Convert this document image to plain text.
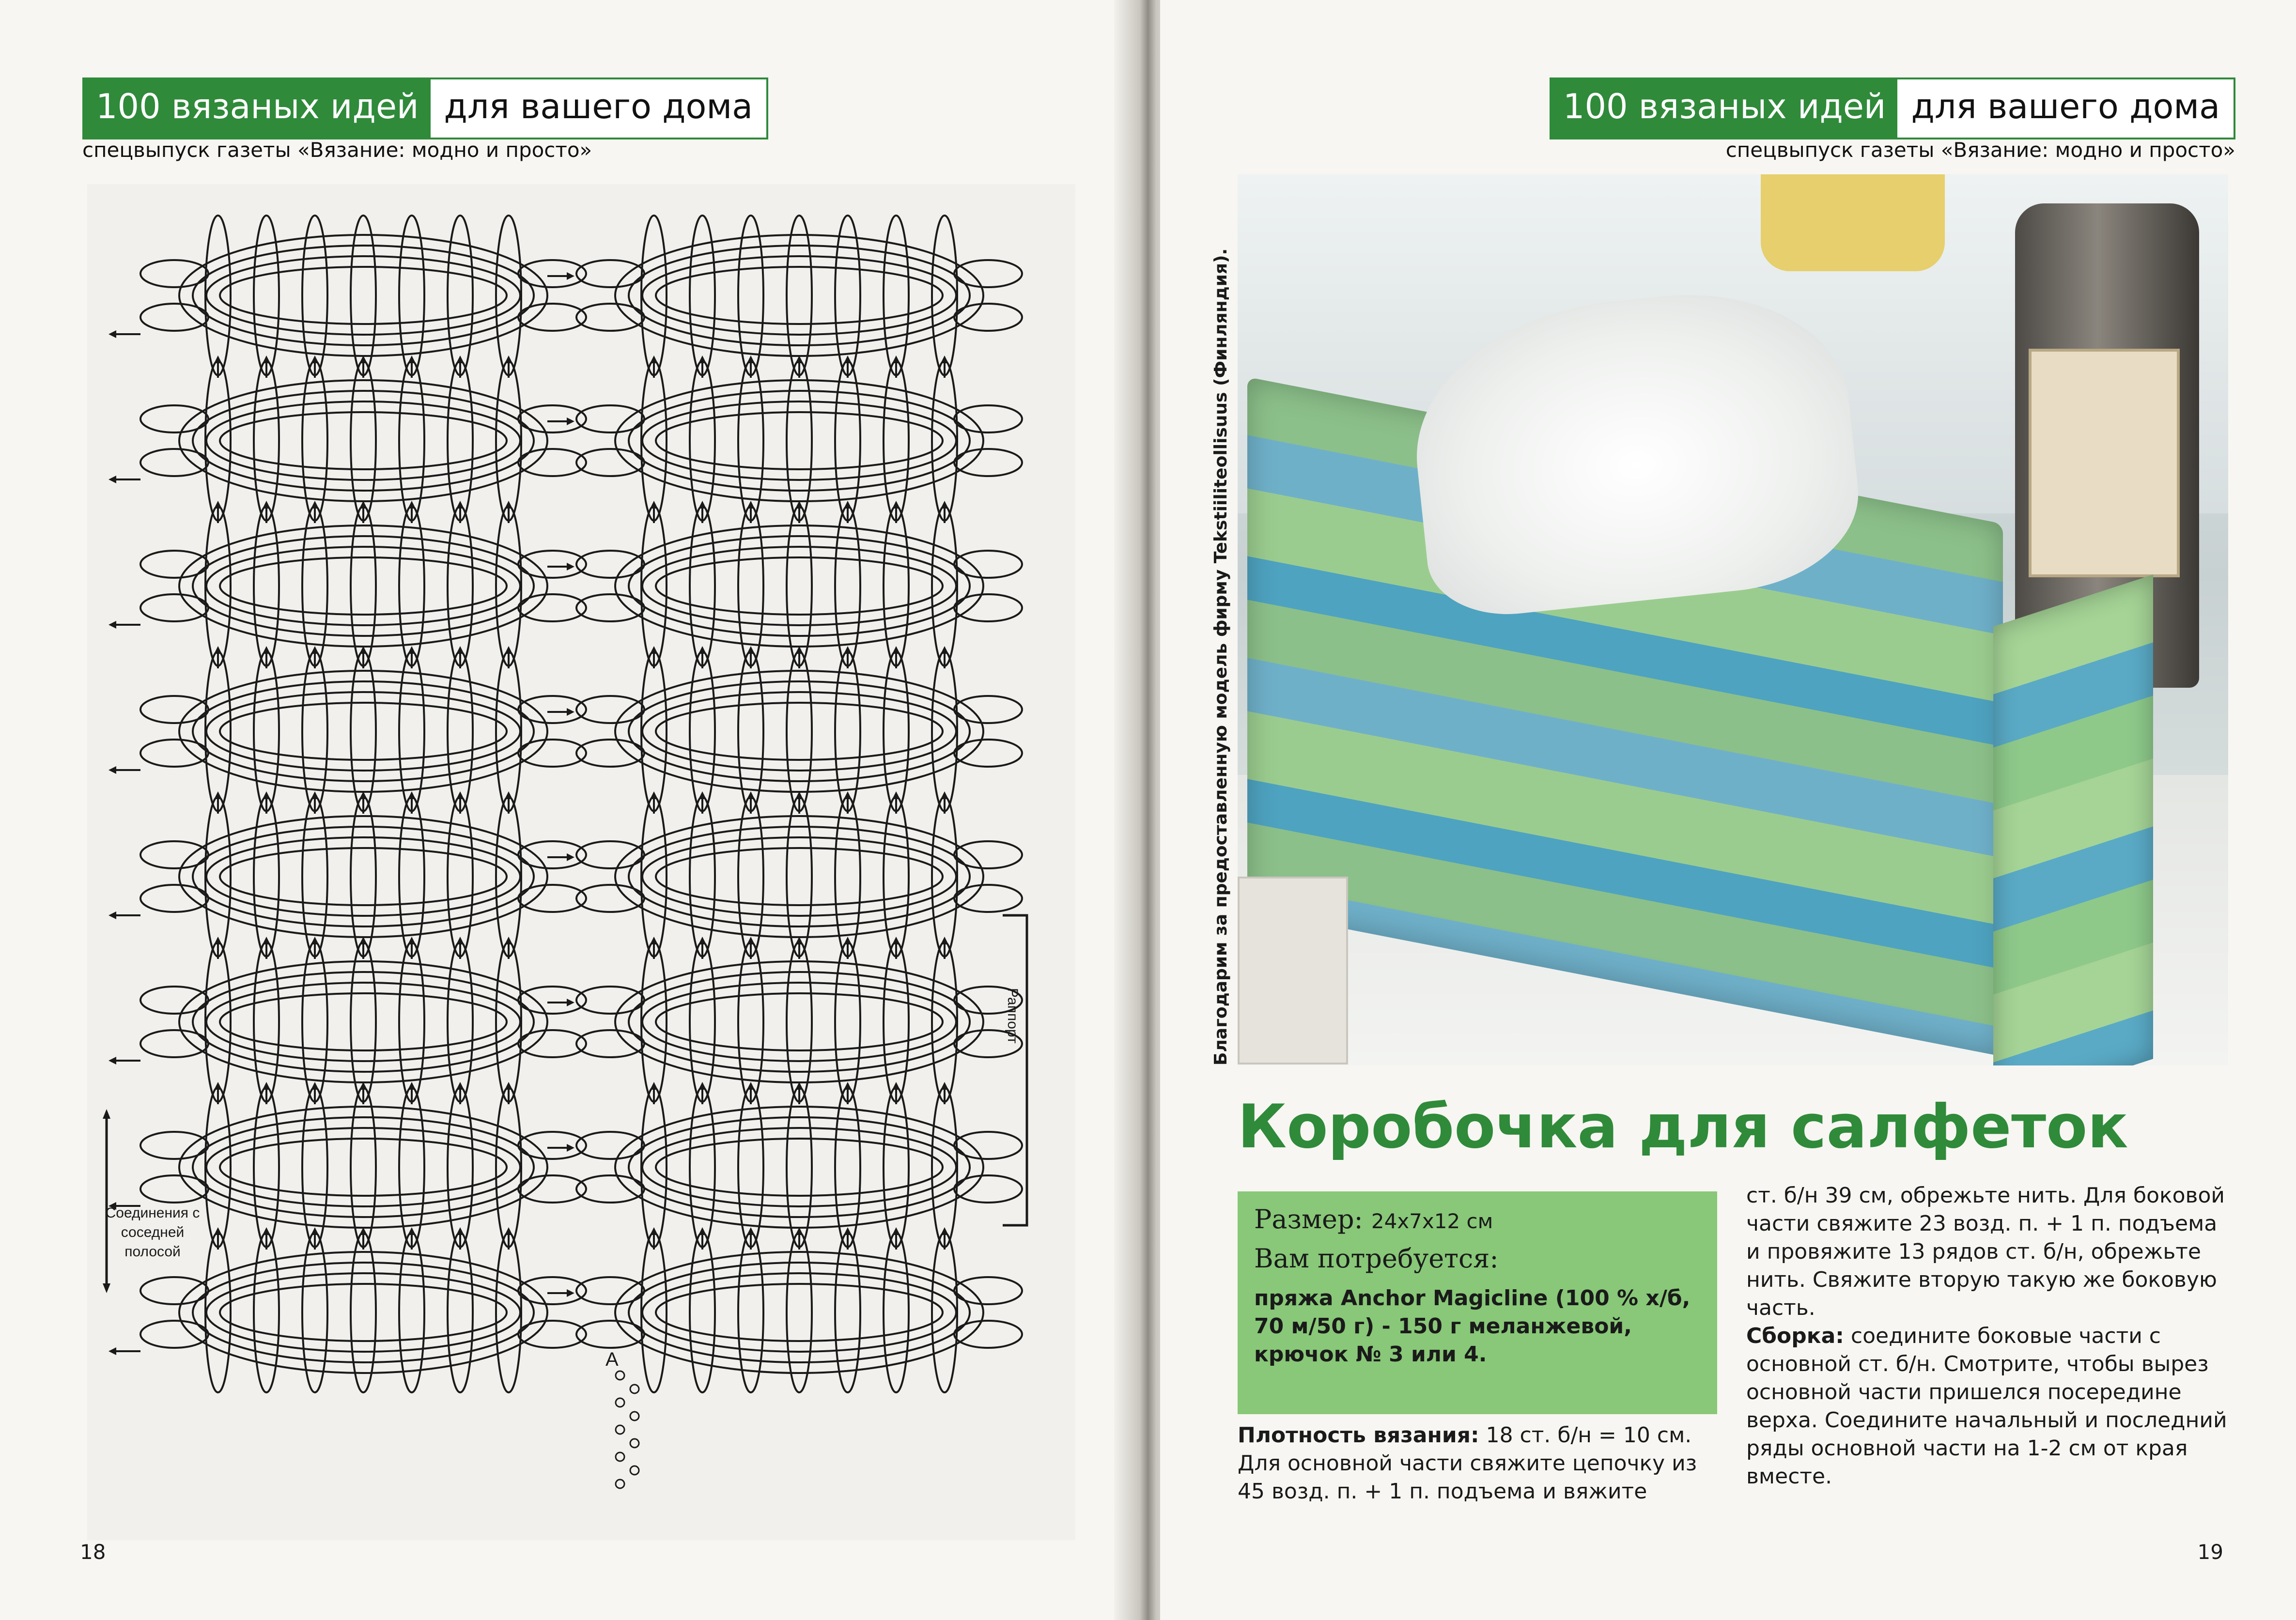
100 вязаных идей для вашего дома
спецвыпуск газеты «Вязание: модно и просто»
А
Соединения с соседней полосой
Раппорт
18
100 вязаных идей для вашего дома
спецвыпуск газеты «Вязание: модно и просто»
Благодарим за предоставленную модель фирму Tekstiiliteollisuus (Финляндия).
Коробочка для салфеток
Размер: 24х7х12 см
Вам потребуется:
пряжа Anchor Magicline (100 % х/б, 70 м/50 г) - 150 г меланжевой, крючок № 3 или 4.
Плотность вязания: 18 ст. б/н = 10 см.
Для основной части свяжите цепочку из 45 возд. п. + 1 п. подъема и вяжите
ст. б/н 39 см, обрежьте нить. Для боковой части свяжите 23 возд. п. + 1 п. подъема и провяжите 13 рядов ст. б/н, обрежьте нить. Свяжите вторую такую же боковую часть.
Сборка: соедините боковые части с основной ст. б/н. Смотрите, чтобы вырез основной части пришелся посередине верха. Соедините начальный и последний ряды основной части на 1-2 см от края вместе.
19
